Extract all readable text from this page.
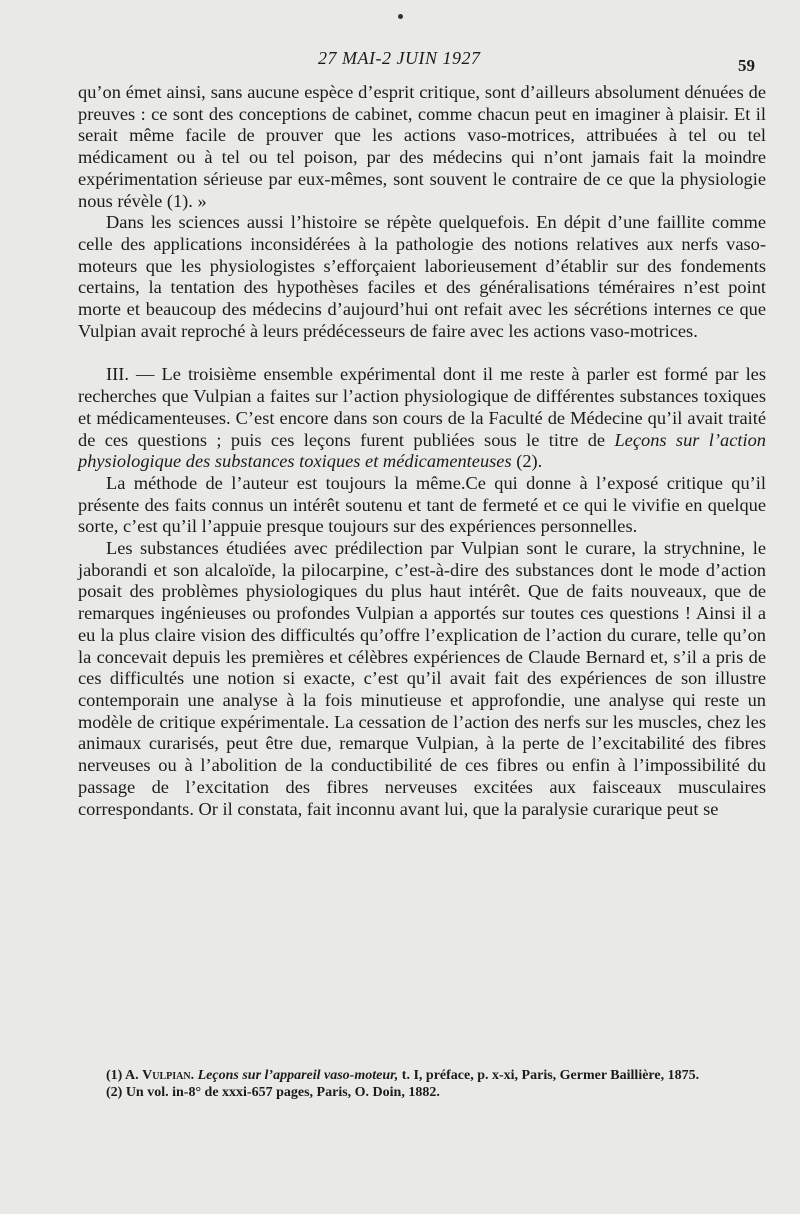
27 MAI-2 JUIN 1927	59

qu’on émet ainsi, sans aucune espèce d’esprit critique, sont d’ailleurs absolument dénuées de preuves : ce sont des conceptions de cabinet, comme chacun peut en imaginer à plaisir. Et il serait même facile de prouver que les actions vaso-motrices, attribuées à tel ou tel médicament ou à tel ou tel poison, par des médecins qui n’ont jamais fait la moindre expérimentation sérieuse par eux-mêmes, sont souvent le contraire de ce que la physiologie nous révèle (1). »

Dans les sciences aussi l’histoire se répète quelquefois. En dépit d’une faillite comme celle des applications inconsidérées à la pathologie des notions relatives aux nerfs vaso-moteurs que les physiologistes s’efforçaient laborieusement d’établir sur des fondements certains, la tentation des hypothèses faciles et des généralisations téméraires n’est point morte et beaucoup des médecins d’aujourd’hui ont refait avec les sécrétions internes ce que Vulpian avait reproché à leurs prédécesseurs de faire avec les actions vaso-motrices.

III. — Le troisième ensemble expérimental dont il me reste à parler est formé par les recherches que Vulpian a faites sur l’action physiologique de différentes substances toxiques et médicamenteuses. C’est encore dans son cours de la Faculté de Médecine qu’il avait traité de ces questions ; puis ces leçons furent publiées sous le titre de Leçons sur l’action physiologique des substances toxiques et médicamenteuses (2).

La méthode de l’auteur est toujours la même.Ce qui donne à l’exposé critique qu’il présente des faits connus un intérêt soutenu et tant de fermeté et ce qui le vivifie en quelque sorte, c’est qu’il l’appuie presque toujours sur des expériences personnelles.

Les substances étudiées avec prédilection par Vulpian sont le curare, la strychnine, le jaborandi et son alcaloïde, la pilocarpine, c’est-à-dire des substances dont le mode d’action posait des problèmes physiologiques du plus haut intérêt. Que de faits nouveaux, que de remarques ingénieuses ou profondes Vulpian a apportés sur toutes ces questions ! Ainsi il a eu la plus claire vision des difficultés qu’offre l’explication de l’action du curare, telle qu’on la concevait depuis les premières et célèbres expériences de Claude Bernard et, s’il a pris de ces difficultés une notion si exacte, c’est qu’il avait fait des expériences de son illustre contemporain une analyse à la fois minutieuse et approfondie, une analyse qui reste un modèle de critique expérimentale. La cessation de l’action des nerfs sur les muscles, chez les animaux curarisés, peut être due, remarque Vulpian, à la perte de l’excitabilité des fibres nerveuses ou à l’abolition de la conductibilité de ces fibres ou enfin à l’impossibilité du passage de l’excitation des fibres nerveuses excitées aux faisceaux musculaires correspondants. Or il constata, fait inconnu avant lui, que la paralysie curarique peut se

(1) A. Vulpian. Leçons sur l’appareil vaso-moteur, t. I, préface, p. x-xi, Paris, Germer Baillière, 1875.

(2) Un vol. in-8° de xxxi-657 pages, Paris, O. Doin, 1882.
